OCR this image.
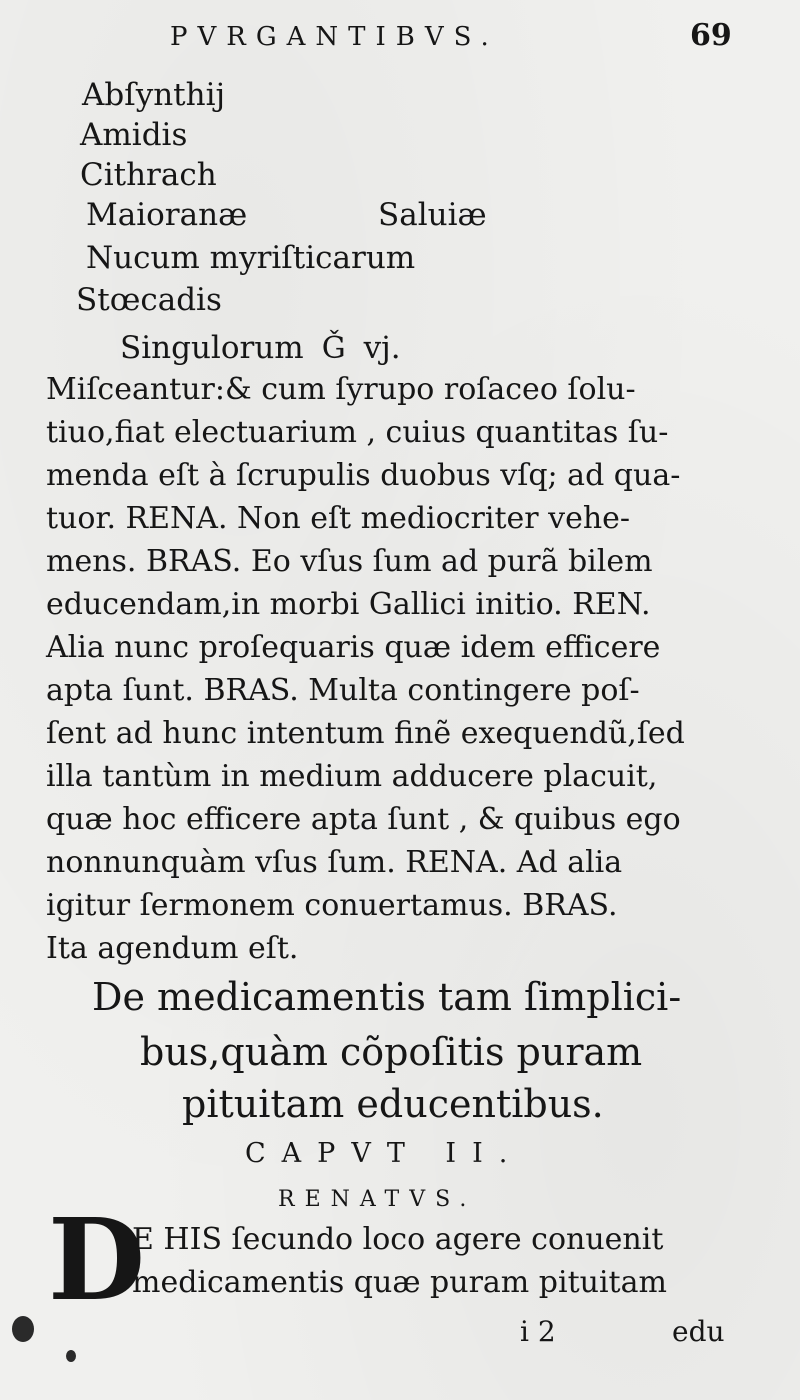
PVRGANTIBVS.	69
Abſynthij
Amidis
Cithrach
Maioranæ	Saluiæ
Nucum myriſticarum
Stœcadis
Singulorum Ǧ vj.
Miſceantur:& cum ſyrupo roſaceo ſolu-
tiuo,fiat electuarium , cuius quantitas ſu-
menda eſt à ſcrupulis duobus vſq; ad qua-
tuor. RENA. Non eſt mediocriter vehe-
mens. BRAS. Eo vſus ſum ad purã bilem
educendam,in morbi Gallici initio. REN.
Alia nunc proſequaris quæ idem efficere
apta ſunt. BRAS. Multa contingere poſ-
ſent ad hunc intentum finẽ exequendũ,ſed
illa tantùm in medium adducere placuit,
quæ hoc efficere apta ſunt , & quibus ego
nonnunquàm vſus ſum. RENA. Ad alia
igitur ſermonem conuertamus. BRAS.
Ita agendum eſt.
De medicamentis tam ſimplici-
bus,quàm cõpoſitis puram
pituitam educentibus.
CAPVT II.
RENATVS.
D
E HIS ſecundo loco agere conuenit
medicamentis quæ puram pituitam
i 2	edu
